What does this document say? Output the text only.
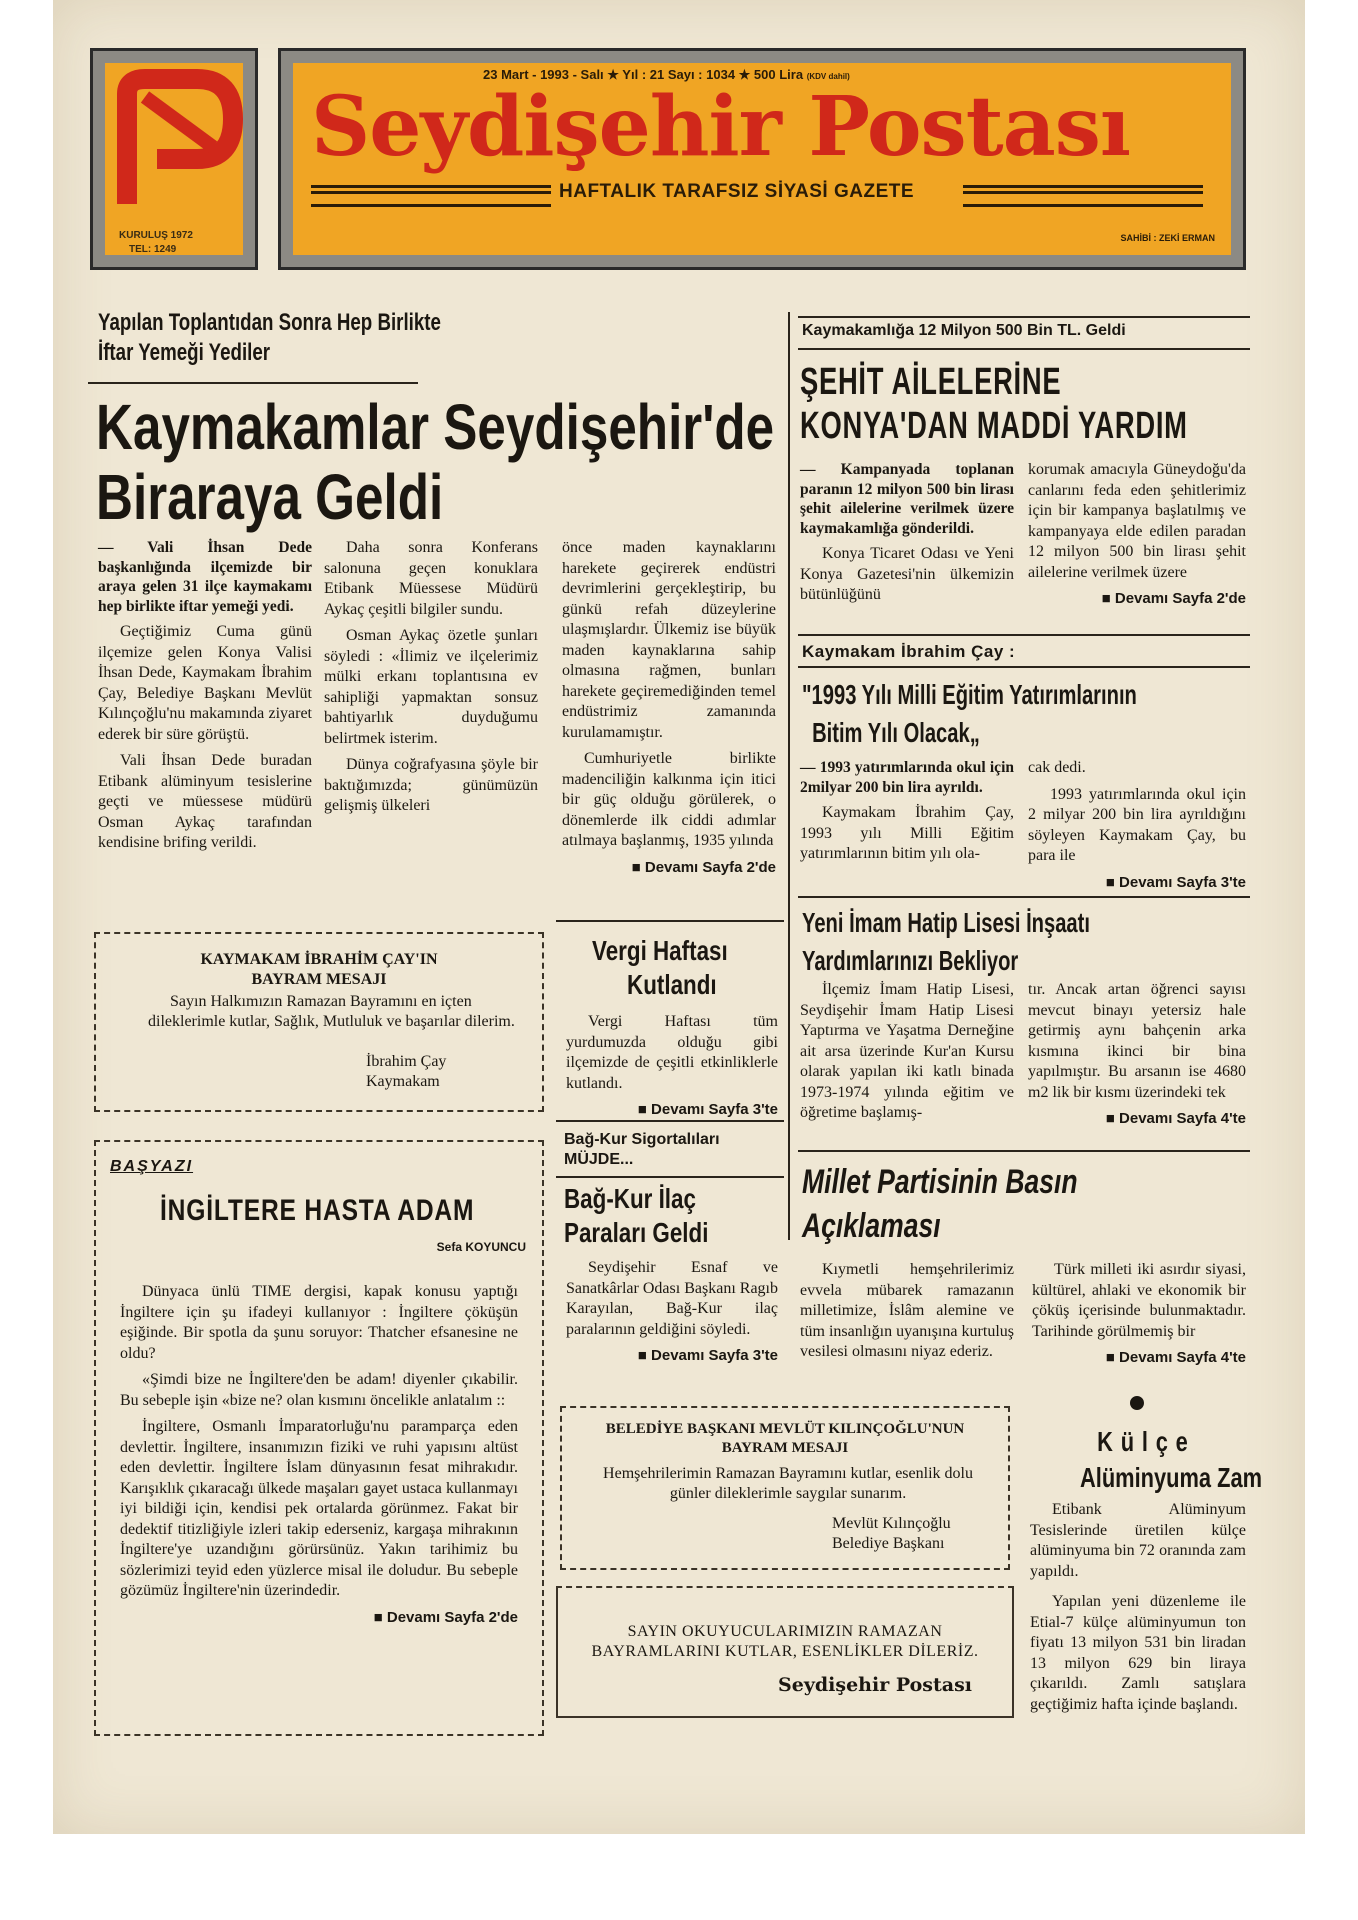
KURULUŞ 1972
TEL: 1249
23 Mart - 1993 - Salı ★ Yıl : 21 Sayı : 1034 ★ 500 Lira (KDV dahil)
Seydişehir Postası
HAFTALIK TARAFSIZ SİYASİ GAZETE
SAHİBİ : ZEKİ ERMAN
Yapılan Toplantıdan Sonra Hep Birlikte
İftar Yemeği Yediler
Kaymakamlar Seydişehir'de
Biraraya Geldi

— Vali İhsan Dede başkanlığında ilçemizde bir araya gelen 31 ilçe kaymakamı hep birlikte iftar yemeği yedi.

Geçtiğimiz Cuma günü ilçemize gelen Konya Valisi İhsan Dede, Kaymakam İbrahim Çay, Belediye Başkanı Mevlüt Kılınçoğlu'nu makamında ziyaret ederek bir süre görüştü.

Vali İhsan Dede buradan Etibank alüminyum tesislerine geçti ve müessese müdürü Osman Aykaç tarafından kendisine brifing verildi.

Daha sonra Konferans salonuna geçen konuklara Etibank Müessese Müdürü Aykaç çeşitli bilgiler sundu.

Osman Aykaç özetle şunları söyledi : «İlimiz ve ilçelerimiz mülki erkanı toplantısına ev sahipliği yapmaktan sonsuz bahtiyarlık duyduğumu belirtmek isterim.

Dünya coğrafyasına şöyle bir baktığımızda; günümüzün gelişmiş ülkeleri

önce maden kaynaklarını harekete geçirerek endüstri devrimlerini gerçekleştirip, bu günkü refah düzeylerine ulaşmışlardır. Ülkemiz ise büyük maden kaynaklarına sahip olmasına rağmen, bunları harekete geçiremediğinden temel endüstrimiz zamanında kurulamamıştır.

Cumhuriyetle birlikte madenciliğin kalkınma için itici bir güç olduğu görülerek, o dönemlerde ilk ciddi adımlar atılmaya başlanmış, 1935 yılında

■ Devamı Sayfa 2'de
KAYMAKAM İBRAHİM ÇAY'IN
BAYRAM MESAJI
Sayın Halkımızın Ramazan Bayramını en içten dileklerimle kutlar, Sağlık, Mutluluk ve başarılar dilerim.
İbrahim Çay
Kaymakam
BAŞYAZI
İNGİLTERE HASTA ADAM
Sefa KOYUNCU

Dünyaca ünlü TIME dergisi, kapak konusu yaptığı İngiltere için şu ifadeyi kullanıyor : İngiltere çöküşün eşiğinde. Bir spotla da şunu soruyor: Thatcher efsanesine ne oldu?

«Şimdi bize ne İngiltere'den be adam! diyenler çıkabilir. Bu sebeple işin «bize ne? olan kısmını öncelikle anlatalım ::

İngiltere, Osmanlı İmparatorluğu'nu paramparça eden devlettir. İngiltere, insanımızın fiziki ve ruhi yapısını altüst eden devlettir. İngiltere İslam dünyasının fesat mihrakıdır. Karışıklık çıkaracağı ülkede maşaları gayet ustaca kullanmayı iyi bildiği için, kendisi pek ortalarda görünmez. Fakat bir dedektif titizliğiyle izleri takip ederseniz, kargaşa mihrakının İngiltere'ye uzandığını görürsünüz. Yakın tarihimiz bu sözlerimizi teyid eden yüzlerce misal ile doludur. Bu sebeple gözümüz İngiltere'nin üzerindedir.

■ Devamı Sayfa 2'de
Vergi Haftası
Kutlandı

Vergi Haftası tüm yurdumuzda olduğu gibi ilçemizde de çeşitli etkinliklerle kutlandı.

■ Devamı Sayfa 3'te
Bağ-Kur Sigortalıları
MÜJDE...
Bağ-Kur İlaç
Paraları Geldi

Seydişehir Esnaf ve Sanatkârlar Odası Başkanı Ragıb Karayılan, Bağ-Kur ilaç paralarının geldiğini söyledi.

■ Devamı Sayfa 3'te
BELEDİYE BAŞKANI MEVLÜT KILINÇOĞLU'NUN
BAYRAM MESAJI
Hemşehrilerimin Ramazan Bayramını kutlar, esenlik dolu günler dileklerimle saygılar sunarım.
Mevlüt Kılınçoğlu
Belediye Başkanı
SAYIN OKUYUCULARIMIZIN RAMAZAN BAYRAMLARINI KUTLAR, ESENLİKLER DİLERİZ.
Seydişehir Postası
Kaymakamlığa 12 Milyon 500 Bin TL. Geldi
ŞEHİT AİLELERİNE
KONYA'DAN MADDİ YARDIM

— Kampanyada toplanan paranın 12 milyon 500 bin lirası şehit ailelerine verilmek üzere kaymakamlığa gönderildi.

Konya Ticaret Odası ve Yeni Konya Gazetesi'nin ülkemizin bütünlüğünü

korumak amacıyla Güneydoğu'da canlarını feda eden şehitlerimiz için bir kampanya başlatılmış ve kampanyaya elde edilen paradan 12 milyon 500 bin lirası şehit ailelerine verilmek üzere

■ Devamı Sayfa 2'de
Kaymakam İbrahim Çay :
"1993 Yılı Milli Eğitim Yatırımlarının
Bitim Yılı Olacak„

— 1993 yatırımlarında okul için 2milyar 200 bin lira ayrıldı.

Kaymakam İbrahim Çay, 1993 yılı Milli Eğitim yatırımlarının bitim yılı ola-

cak dedi.

1993 yatırımlarında okul için 2 milyar 200 bin lira ayrıldığını söyleyen Kaymakam Çay, bu para ile

■ Devamı Sayfa 3'te
Yeni İmam Hatip Lisesi İnşaatı
Yardımlarınızı Bekliyor

İlçemiz İmam Hatip Lisesi, Seydişehir İmam Hatip Lisesi Yaptırma ve Yaşatma Derneğine ait arsa üzerinde Kur'an Kursu olarak yapılan iki katlı binada 1973-1974 yılında eğitim ve öğretime başlamış-

tır. Ancak artan öğrenci sayısı mevcut binayı yetersiz hale getirmiş aynı bahçenin arka kısmına ikinci bir bina yapılmıştır. Bu arsanın ise 4680 m2 lik bir kısmı üzerindeki tek

■ Devamı Sayfa 4'te
Millet Partisinin Basın
Açıklaması

Kıymetli hemşehrilerimiz evvela mübarek ramazanın milletimize, İslâm alemine ve tüm insanlığın uyanışına kurtuluş vesilesi olmasını niyaz ederiz.

Türk milleti iki asırdır siyasi, kültürel, ahlaki ve ekonomik bir çöküş içerisinde bulunmaktadır. Tarihinde görülmemiş bir

■ Devamı Sayfa 4'te
Külçe
Alüminyuma Zam

Etibank Alüminyum Tesislerinde üretilen külçe alüminyuma bin 72 oranında zam yapıldı.

Yapılan yeni düzenleme ile Etial-7 külçe alüminyumun ton fiyatı 13 milyon 531 bin liradan 13 milyon 629 bin liraya çıkarıldı. Zamlı satışlara geçtiğimiz hafta içinde başlandı.
